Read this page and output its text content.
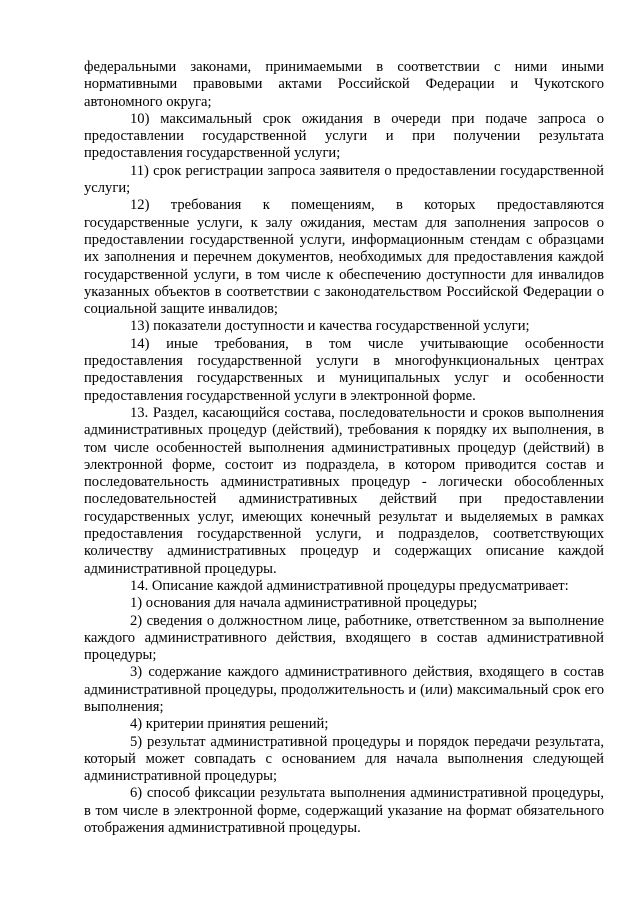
федеральными законами, принимаемыми в соответствии с ними иными нормативными правовыми актами Российской Федерации и Чукотского автономного округа;

10) максимальный срок ожидания в очереди при подаче запроса о предоставлении государственной услуги и при получении результата предоставления государственной услуги;

11) срок регистрации запроса заявителя о предоставлении государственной услуги;

12) требования к помещениям, в которых предоставляются государственные услуги, к залу ожидания, местам для заполнения запросов о предоставлении государственной услуги, информационным стендам с образцами их заполнения и перечнем документов, необходимых для предоставления каждой государственной услуги, в том числе к обеспечению доступности для инвалидов указанных объектов в соответствии с законодательством Российской Федерации о социальной защите инвалидов;

13) показатели доступности и качества государственной услуги;

14) иные требования, в том числе учитывающие особенности предоставления государственной услуги в многофункциональных центрах предоставления государственных и муниципальных услуг и особенности предоставления государственной услуги в электронной форме.

13. Раздел, касающийся состава, последовательности и сроков выполнения административных процедур (действий), требования к порядку их выполнения, в том числе особенностей выполнения административных процедур (действий) в электронной форме, состоит из подраздела, в котором приводится состав и последовательность административных процедур - логически обособленных последовательностей административных действий при предоставлении государственных услуг, имеющих конечный результат и выделяемых в рамках предоставления государственной услуги, и подразделов, соответствующих количеству административных процедур и содержащих описание каждой административной процедуры.

14. Описание каждой административной процедуры предусматривает:

1) основания для начала административной процедуры;

2) сведения о должностном лице, работнике, ответственном за выполнение каждого административного действия, входящего в состав административной процедуры;

3) содержание каждого административного действия, входящего в состав административной процедуры, продолжительность и (или) максимальный срок его выполнения;

4) критерии принятия решений;

5) результат административной процедуры и порядок передачи результата, который может совпадать с основанием для начала выполнения следующей административной процедуры;

6) способ фиксации результата выполнения административной процедуры, в том числе в электронной форме, содержащий указание на формат обязательного отображения административной процедуры.
